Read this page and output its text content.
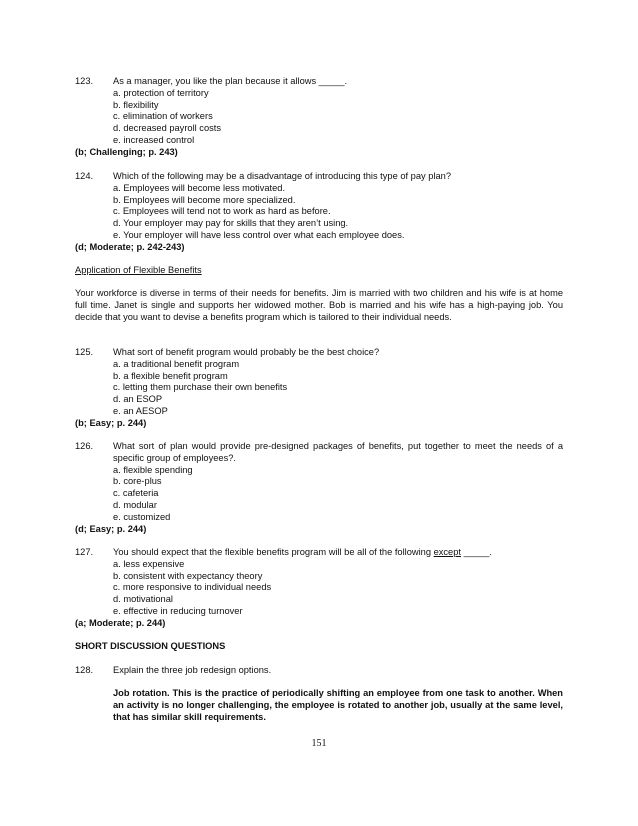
123.	As a manager, you like the plan because it allows _____.
a. protection of territory
b. flexibility
c. elimination of workers
d. decreased payroll costs
e. increased control
(b; Challenging; p. 243)
124.	Which of the following may be a disadvantage of introducing this type of pay plan?
a. Employees will become less motivated.
b. Employees will become more specialized.
c. Employees will tend not to work as hard as before.
d. Your employer may pay for skills that they aren’t using.
e. Your employer will have less control over what each employee does.
(d; Moderate; p. 242-243)
Application of Flexible Benefits
Your workforce is diverse in terms of their needs for benefits. Jim is married with two children and his wife is at home full time. Janet is single and supports her widowed mother. Bob is married and his wife has a high-paying job. You decide that you want to devise a benefits program which is tailored to their individual needs.
125.	What sort of benefit program would probably be the best choice?
a. a traditional benefit program
b. a flexible benefit program
c. letting them purchase their own benefits
d. an ESOP
e. an AESOP
(b; Easy; p. 244)
126.	What sort of plan would provide pre-designed packages of benefits, put together to meet the needs of a specific group of employees?.
a. flexible spending
b. core-plus
c. cafeteria
d. modular
e. customized
(d; Easy; p. 244)
127.	You should expect that the flexible benefits program will be all of the following except _____.
a. less expensive
b. consistent with expectancy theory
c. more responsive to individual needs
d. motivational
e. effective in reducing turnover
(a; Moderate; p. 244)
SHORT DISCUSSION QUESTIONS
128.	Explain the three job redesign options.
Job rotation. This is the practice of periodically shifting an employee from one task to another. When an activity is no longer challenging, the employee is rotated to another job, usually at the same level, that has similar skill requirements.
151
